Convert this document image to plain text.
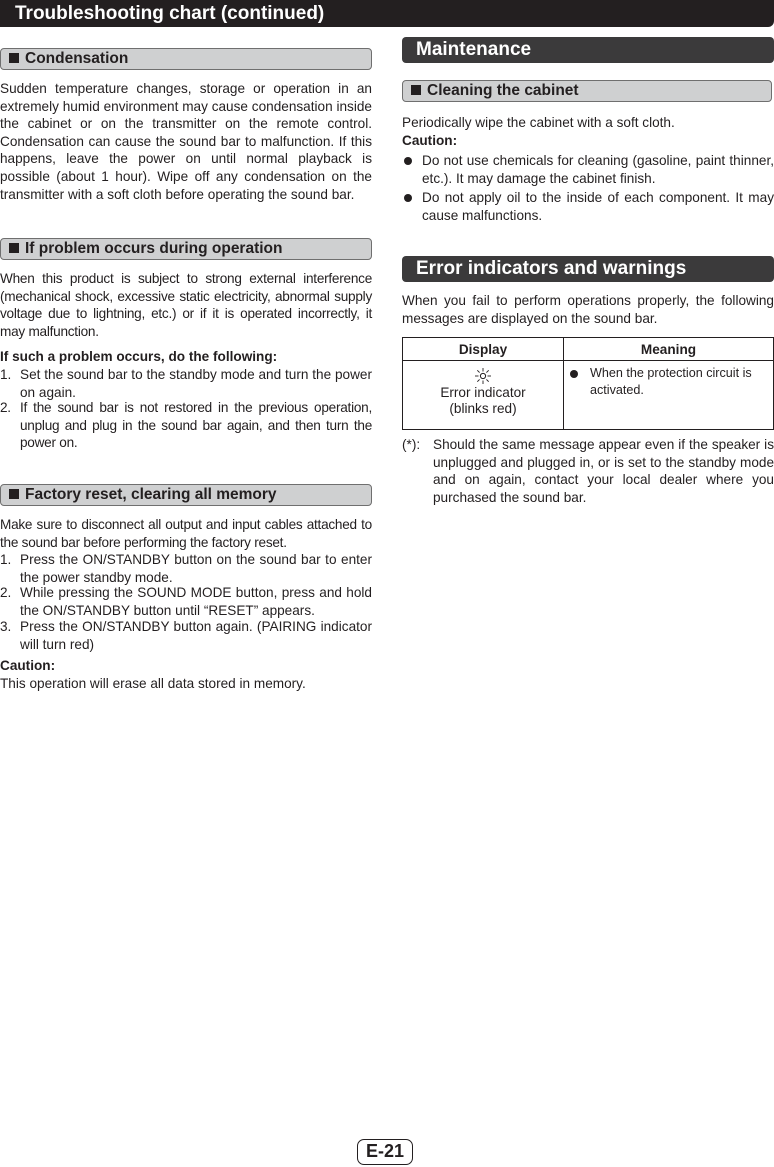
Troubleshooting chart (continued)
Condensation
Sudden temperature changes, storage or operation in an extremely humid environment may cause condensation inside the cabinet or on the transmitter on the remote control. Condensation can cause the sound bar to malfunction. If this happens, leave the power on until normal playback is possible (about 1 hour). Wipe off any condensation on the transmitter with a soft cloth before operating the sound bar.
If problem occurs during operation
When this product is subject to strong external interference (mechanical shock, excessive static electricity, abnormal supply voltage due to lightning, etc.) or if it is operated incorrectly, it may malfunction.
If such a problem occurs, do the following:
1. Set the sound bar to the standby mode and turn the power on again.
2. If the sound bar is not restored in the previous operation, unplug and plug in the sound bar again, and then turn the power on.
Factory reset, clearing all memory
Make sure to disconnect all output and input cables attached to the sound bar before performing the factory reset.
1. Press the ON/STANDBY button on the sound bar to enter the power standby mode.
2. While pressing the SOUND MODE button, press and hold the ON/STANDBY button until “RESET” appears.
3. Press the ON/STANDBY button again. (PAIRING indicator will turn red)
Caution:
This operation will erase all data stored in memory.
Maintenance
Cleaning the cabinet
Periodically wipe the cabinet with a soft cloth.
Caution:
Do not use chemicals for cleaning (gasoline, paint thinner, etc.). It may damage the cabinet finish.
Do not apply oil to the inside of each component. It may cause malfunctions.
Error indicators and warnings
When you fail to perform operations properly, the following messages are displayed on the sound bar.
Display	Meaning

Error indicator
(blinks red)	When the protection circuit is activated.
(*): Should the same message appear even if the speaker is unplugged and plugged in, or is set to the standby mode and on again, contact your local dealer where you purchased the sound bar.
E-21
